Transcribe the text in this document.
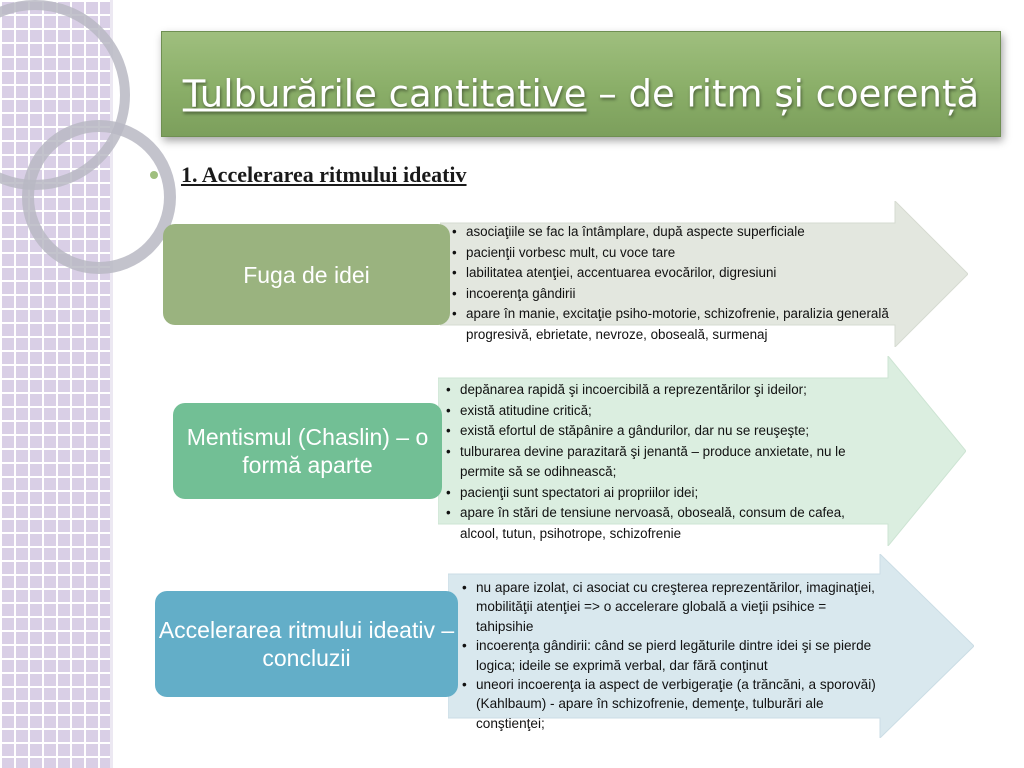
Tulburările cantitative – de ritm și coerență
1. Accelerarea ritmului ideativ
Fuga de idei
• asociaţiile se fac la întâmplare, după aspecte superficiale
• pacienţii vorbesc mult, cu voce tare
• labilitatea atenţiei, accentuarea evocărilor, digresiuni
• incoerenţa gândirii
• apare în manie, excitaţie psiho-motorie, schizofrenie, paralizia generală progresivă, ebrietate, nevroze, oboseală, surmenaj
Mentismul (Chaslin) – o formă aparte
• depănarea rapidă şi incoercibilă a reprezentărilor şi ideilor;
• există atitudine critică;
• există efortul de stăpânire a gândurilor, dar nu se reuşeşte;
• tulburarea devine parazitară şi jenantă – produce anxietate, nu le permite să se odihnească;
• pacienţii sunt spectatori ai propriilor idei;
• apare în stări de tensiune nervoasă, oboseală, consum de cafea, alcool, tutun, psihotrope, schizofrenie
Accelerarea ritmului ideativ – concluzii
• nu apare izolat, ci asociat cu creşterea reprezentărilor, imaginaţiei, mobilităţii atenţiei => o accelerare globală a vieţii psihice = tahipsihie
• incoerenţa gândirii: când se pierd legăturile dintre idei şi se pierde logica; ideile se exprimă verbal, dar fără conţinut
• uneori incoerenţa ia aspect de verbigeraţie (a trăncăni, a sporovăi) (Kahlbaum) - apare în schizofrenie, demenţe, tulburări ale conştienţei;
